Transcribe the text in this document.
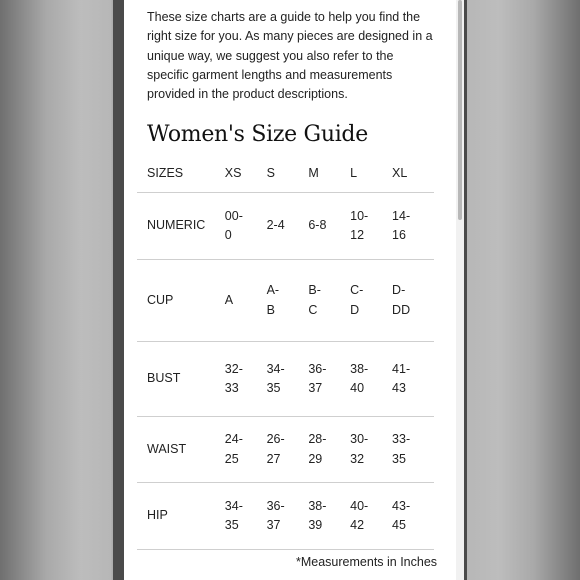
These size charts are a guide to help you find the right size for you. As many pieces are designed in a unique way, we suggest you also refer to the specific garment lengths and measurements provided in the product descriptions.

Women's Size Guide
SIZES	XS	S	M	L	XL
NUMERIC	00-0	2-4	6-8	10-12	14-16

CUP	A	A-B	B-C	C-D	D-DD

BUST	32-33	34-35	36-37	38-40	41-43

WAIST	24-25	26-27	28-29	30-32	33-35

HIP	34-35	36-37	38-39	40-42	43-45

*Measurements in Inches
